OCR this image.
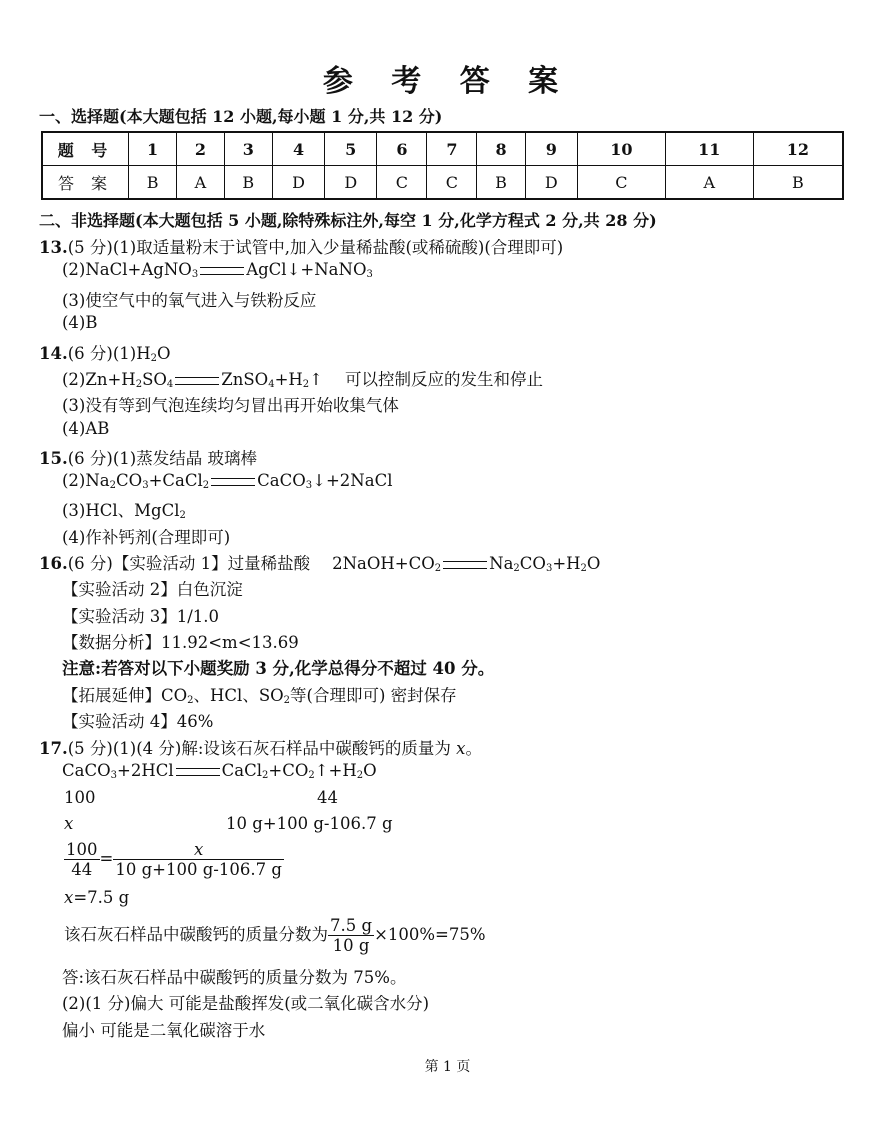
参 考 答 案
一、选择题(本大题包括 12 小题,每小题 1 分,共 12 分)
题 号	1	2	3	4	5	6	7	8	9	10	11	12
答 案	B	A	B	D	D	C	C	B	D	C	A	B
二、非选择题(本大题包括 5 小题,除特殊标注外,每空 1 分,化学方程式 2 分,共 28 分)
13.(5 分)(1)取适量粉末于试管中,加入少量稀盐酸(或稀硫酸)(合理即可)
(2)NaCl+AgNO$_3$	AgCl↓+NaNO$_3$
(3)使空气中的氧气进入与铁粉反应
(4)B
14.(6 分)$(1)H_2O$
$(2)Zn+H_2SO_4$	$ZnSO_4+H_2↑$ 可以控制反应的发生和停止
(3)没有等到气泡连续均匀冒出再开始收集气体
(4)AB
15.(6 分)(1)蒸发结晶 玻璃棒
$(2)Na_2CO_3+CaCl_2$	CaCO$_3$↓+2NaCl
(3)HCl、MgCl$_2$
(4)作补钙剂(合理即可)
16.(6 分)【实验活动 1】过量稀盐酸 $2NaOH+CO_2$	$Na_2CO_3+H_2O$
【实验活动 2】白色沉淀
【实验活动 3】1/1.0
【数据分析】11.92<m<13.69
注意:若答对以下小题奖励 3 分,化学总得分不超过 40 分。
【拓展延伸】$CO_2$、HCl、$SO_2$等(合理即可) 密封保存
【实验活动 4】46%
17.(5 分)(1)(4 分)解:设该石灰石样品中碳酸钙的质量为 x。
CaCO$_3$+2HCl	$CaCl_2+CO_2↑+H_2O$
100	44
x	10 g+100 g-106.7 g
$\frac{100}{44} = \frac{x}{10 g+100 g-106.7 g}$
x=7.5 g
该石灰石样品中碳酸钙的质量分数为 $\frac{7.5 g}{10 g} \times 100\%=75\%$
答:该石灰石样品中碳酸钙的质量分数为 75%。
(2)(1 分)偏大 可能是盐酸挥发(或二氧化碳含水分)
偏小 可能是二氧化碳溶于水
第 1 页
